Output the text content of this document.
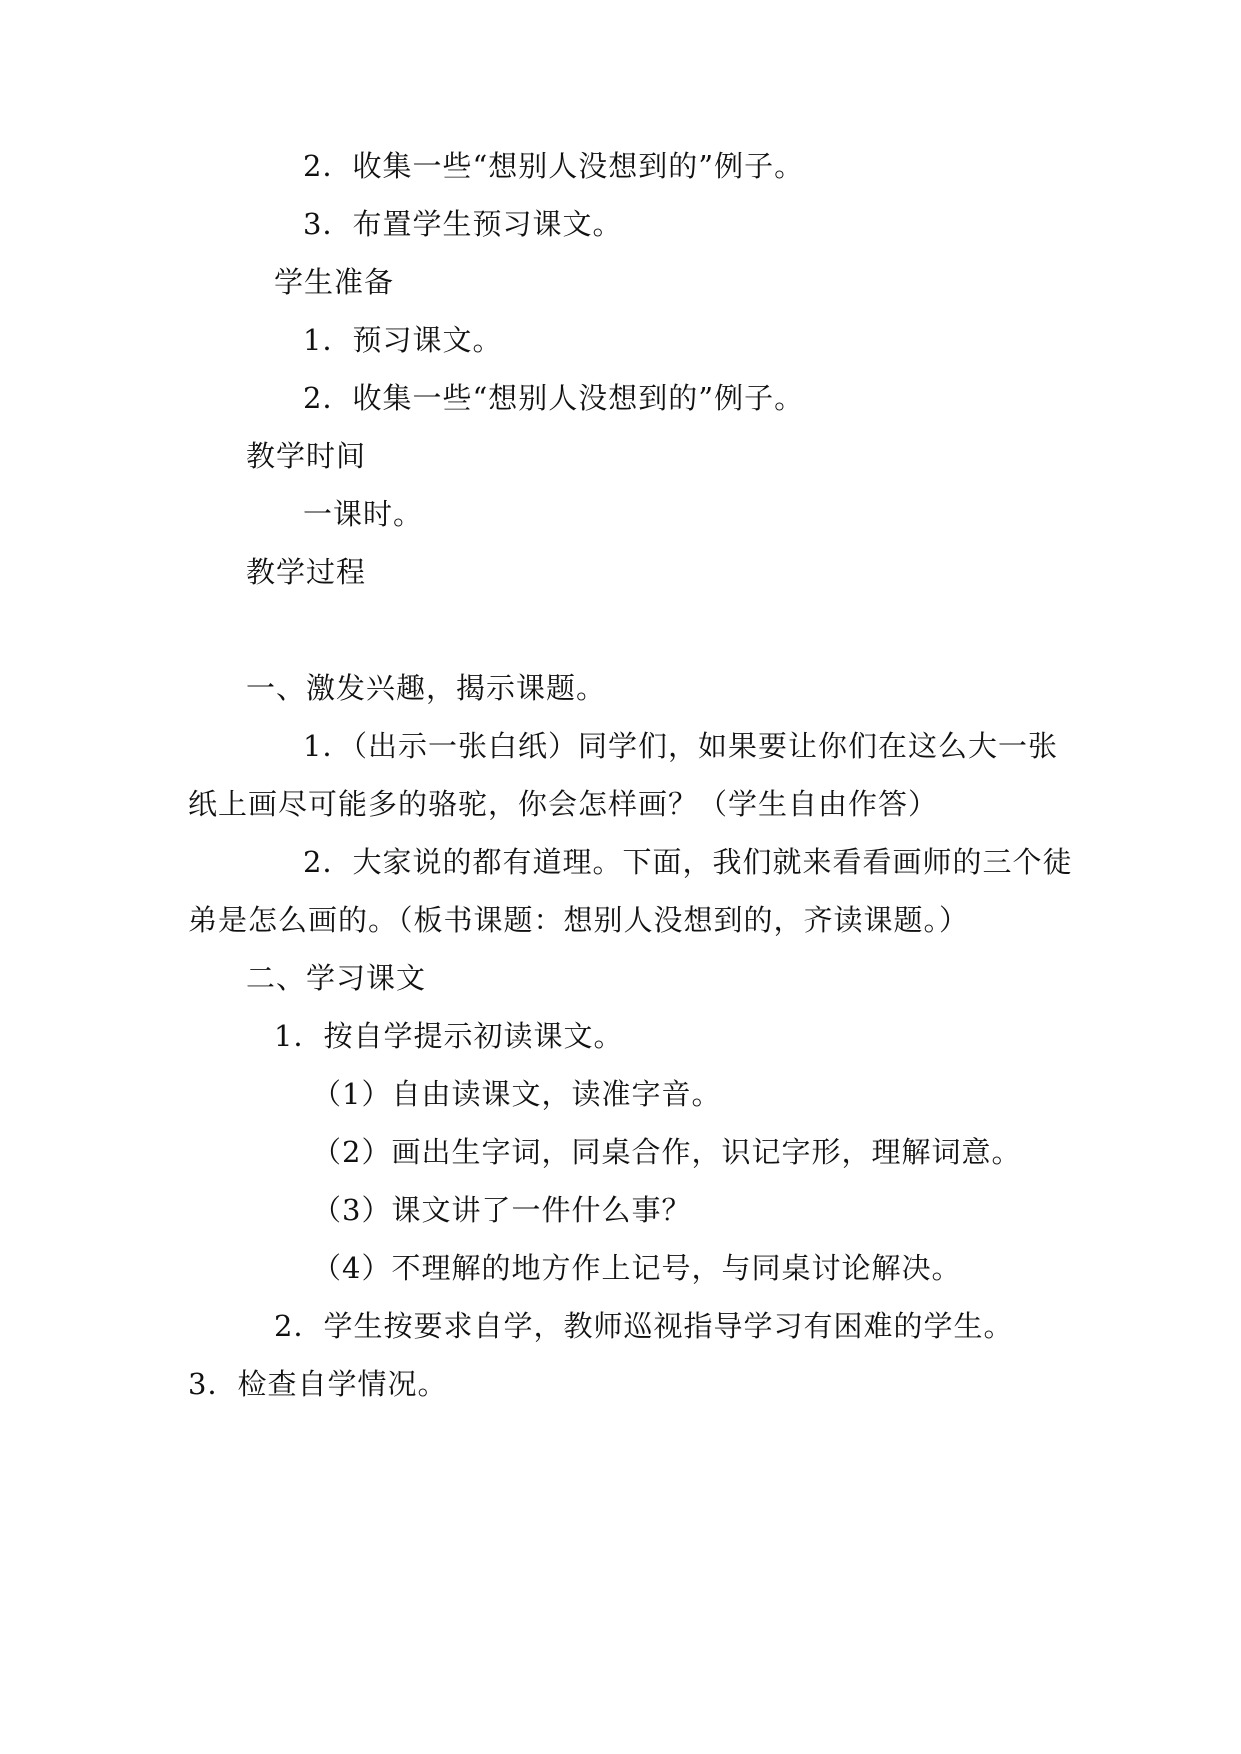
2．收集一些“想别人没想到的”例子。
3．布置学生预习课文。
学生准备
1．预习课文。
2．收集一些“想别人没想到的”例子。
教学时间
一课时。
教学过程
一、激发兴趣，揭示课题。
1．（出示一张白纸）同学们，如果要让你们在这么大一张
纸上画尽可能多的骆驼，你会怎样画？（学生自由作答）
2．大家说的都有道理。下面，我们就来看看画师的三个徒
弟是怎么画的。（板书课题：想别人没想到的，齐读课题。）
二、学习课文
1．按自学提示初读课文。
（1）自由读课文，读准字音。
（2）画出生字词，同桌合作，识记字形，理解词意。
（3）课文讲了一件什么事？
（4）不理解的地方作上记号，与同桌讨论解决。
2．学生按要求自学，教师巡视指导学习有困难的学生。
3．检查自学情况。
